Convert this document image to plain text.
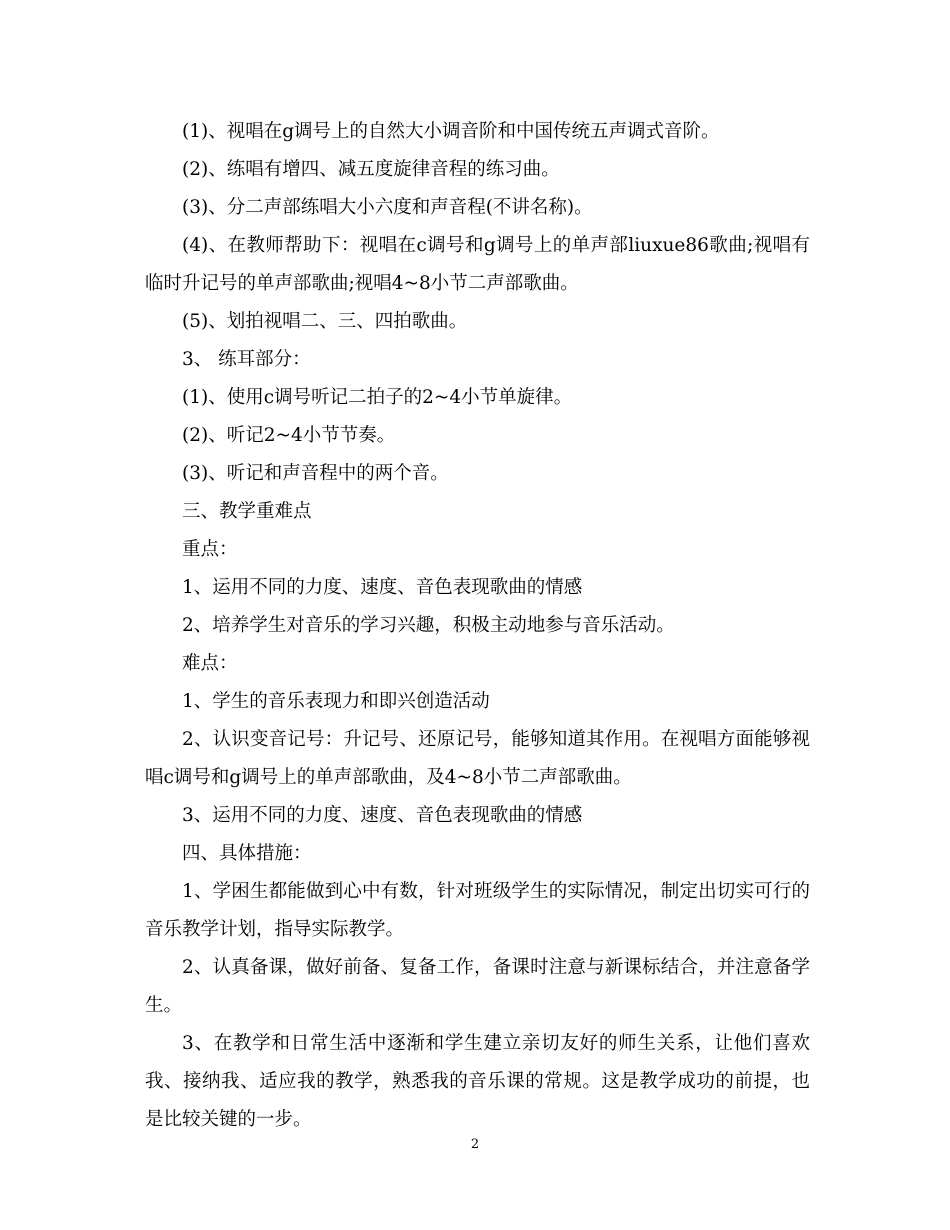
(1)、视唱在g调号上的自然大小调音阶和中国传统五声调式音阶。

(2)、练唱有增四、减五度旋律音程的练习曲。

(3)、分二声部练唱大小六度和声音程(不讲名称)。

(4)、在教师帮助下：视唱在c调号和g调号上的单声部liuxue86歌曲;视唱有临时升记号的单声部歌曲;视唱4~8小节二声部歌曲。

(5)、划拍视唱二、三、四拍歌曲。

3、 练耳部分：

(1)、使用c调号听记二拍子的2~4小节单旋律。

(2)、听记2~4小节节奏。

(3)、听记和声音程中的两个音。

三、教学重难点

重点：

1、运用不同的力度、速度、音色表现歌曲的情感

2、培养学生对音乐的学习兴趣，积极主动地参与音乐活动。

难点：

1、学生的音乐表现力和即兴创造活动

2、认识变音记号：升记号、还原记号，能够知道其作用。在视唱方面能够视唱c调号和g调号上的单声部歌曲，及4~8小节二声部歌曲。

3、运用不同的力度、速度、音色表现歌曲的情感

四、具体措施：

1、学困生都能做到心中有数，针对班级学生的实际情况，制定出切实可行的音乐教学计划，指导实际教学。

2、认真备课，做好前备、复备工作，备课时注意与新课标结合，并注意备学生。

3、在教学和日常生活中逐渐和学生建立亲切友好的师生关系，让他们喜欢我、接纳我、适应我的教学，熟悉我的音乐课的常规。这是教学成功的前提，也是比较关键的一步。

2
